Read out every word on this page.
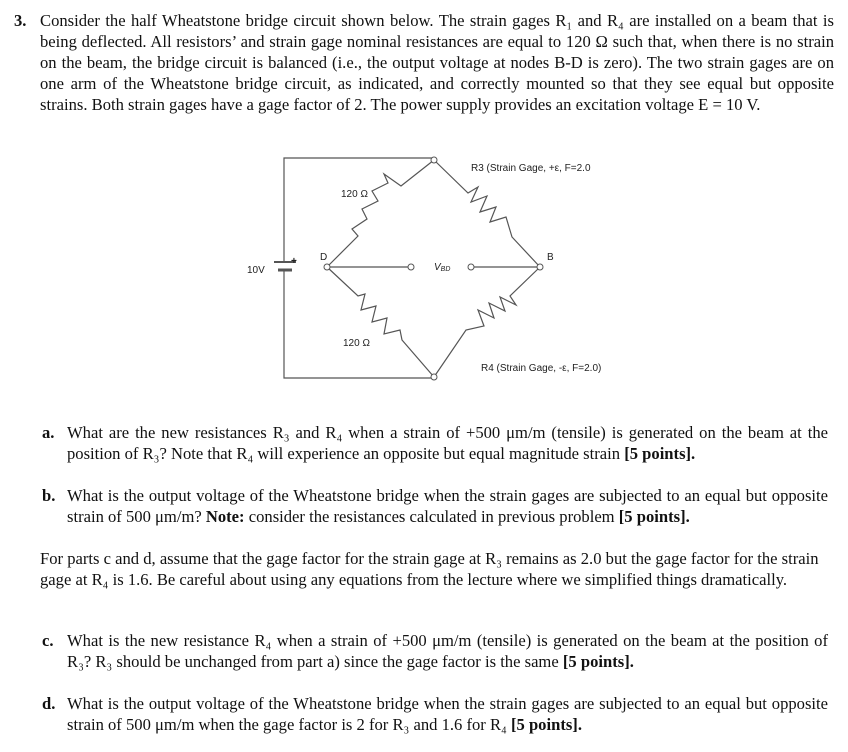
3. Consider the half Wheatstone bridge circuit shown below. The strain gages R₁ and R₄ are installed on a beam that is being deflected. All resistors’ and strain gage nominal resistances are equal to 120 Ω such that, when there is no strain on the beam, the bridge circuit is balanced (i.e., the output voltage at nodes B-D is zero). The two strain gages are on one arm of the Wheatstone bridge circuit, as indicated, and correctly mounted so that they see equal but opposite strains. Both strain gages have a gage factor of 2. The power supply provides an excitation voltage E = 10 V.
10V
+
120 Ω
120 Ω
R3 (Strain Gage, +ε, F=2.0
R4 (Strain Gage, -ε, F=2.0)
D	B
VBD
a. What are the new resistances R₃ and R₄ when a strain of +500 μm/m (tensile) is generated on the beam at the position of R₃? Note that R₄ will experience an opposite but equal magnitude strain [5 points].
b. What is the output voltage of the Wheatstone bridge when the strain gages are subjected to an equal but opposite strain of 500 μm/m? Note: consider the resistances calculated in previous problem [5 points].
For parts c and d, assume that the gage factor for the strain gage at R₃ remains as 2.0 but the gage factor for the strain gage at R₄ is 1.6. Be careful about using any equations from the lecture where we simplified things dramatically.
c. What is the new resistance R₄ when a strain of +500 μm/m (tensile) is generated on the beam at the position of R₃? R₃ should be unchanged from part a) since the gage factor is the same [5 points].
d. What is the output voltage of the Wheatstone bridge when the strain gages are subjected to an equal but opposite strain of 500 μm/m when the gage factor is 2 for R₃ and 1.6 for R₄ [5 points].
